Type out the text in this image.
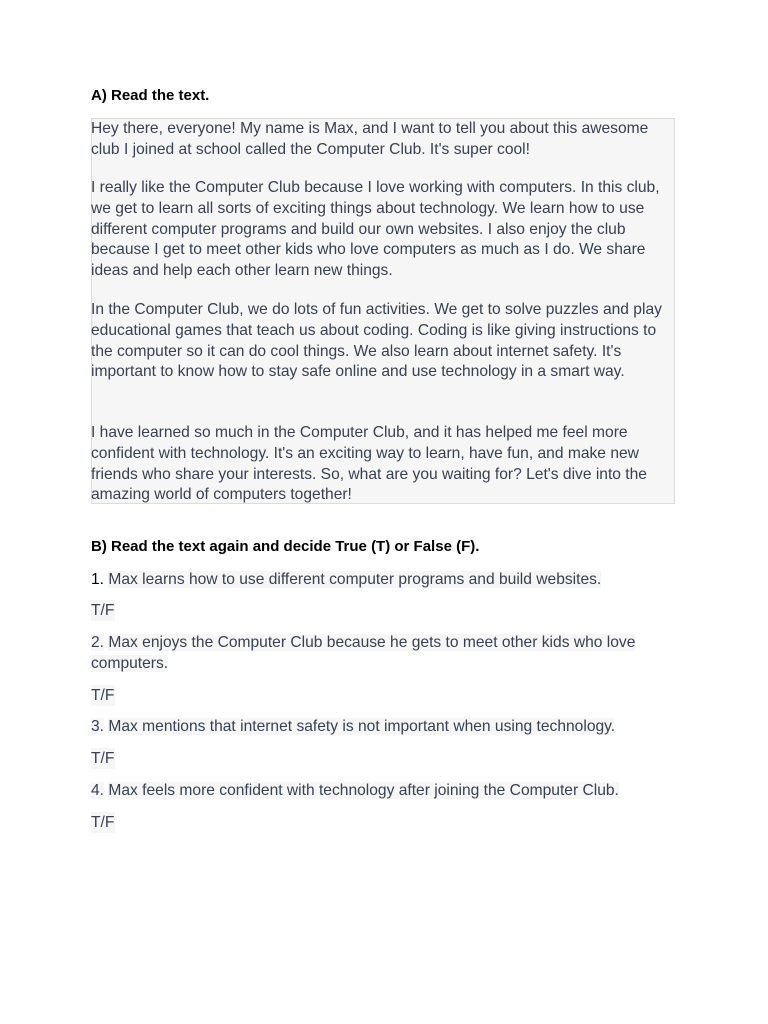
A) Read the text.

Hey there, everyone! My name is Max, and I want to tell you about this awesome club I joined at school called the Computer Club. It's super cool!

I really like the Computer Club because I love working with computers. In this club, we get to learn all sorts of exciting things about technology. We learn how to use different computer programs and build our own websites. I also enjoy the club because I get to meet other kids who love computers as much as I do. We share ideas and help each other learn new things.

In the Computer Club, we do lots of fun activities. We get to solve puzzles and play educational games that teach us about coding. Coding is like giving instructions to the computer so it can do cool things. We also learn about internet safety. It's important to know how to stay safe online and use technology in a smart way.

I have learned so much in the Computer Club, and it has helped me feel more confident with technology. It's an exciting way to learn, have fun, and make new friends who share your interests. So, what are you waiting for? Let's dive into the amazing world of computers together!

B) Read the text again and decide True (T) or False (F).
1. Max learns how to use different computer programs and build websites.
T/F
2. Max enjoys the Computer Club because he gets to meet other kids who love computers.
T/F
3. Max mentions that internet safety is not important when using technology.
T/F
4. Max feels more confident with technology after joining the Computer Club.
T/F
